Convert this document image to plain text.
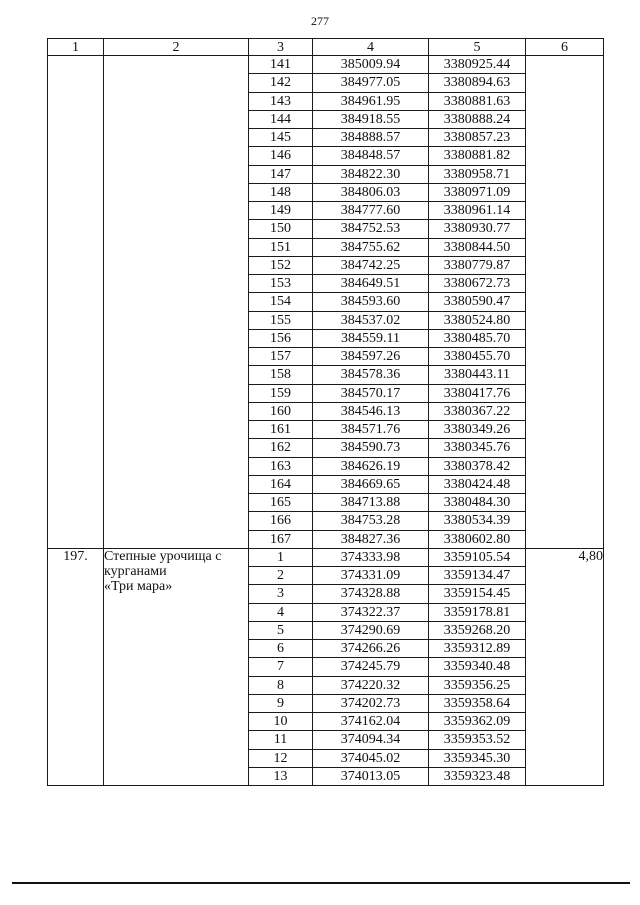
277
1	2	3	4	5	6
		141	385009.94	3380925.44	
		142	384977.05	3380894.63	
		143	384961.95	3380881.63	
		144	384918.55	3380888.24	
		145	384888.57	3380857.23	
		146	384848.57	3380881.82	
		147	384822.30	3380958.71	
		148	384806.03	3380971.09	
		149	384777.60	3380961.14	
		150	384752.53	3380930.77	
		151	384755.62	3380844.50	
		152	384742.25	3380779.87	
		153	384649.51	3380672.73	
		154	384593.60	3380590.47	
		155	384537.02	3380524.80	
		156	384559.11	3380485.70	
		157	384597.26	3380455.70	
		158	384578.36	3380443.11	
		159	384570.17	3380417.76	
		160	384546.13	3380367.22	
		161	384571.76	3380349.26	
		162	384590.73	3380345.76	
		163	384626.19	3380378.42	
		164	384669.65	3380424.48	
		165	384713.88	3380484.30	
		166	384753.28	3380534.39	
		167	384827.36	3380602.80	
197.	Степные урочища с
курганами
«Три мара»	1	374333.98	3359105.54	4,80
		2	374331.09	3359134.47	
		3	374328.88	3359154.45	
		4	374322.37	3359178.81	
		5	374290.69	3359268.20	
		6	374266.26	3359312.89	
		7	374245.79	3359340.48	
		8	374220.32	3359356.25	
		9	374202.73	3359358.64	
		10	374162.04	3359362.09	
		11	374094.34	3359353.52	
		12	374045.02	3359345.30	
		13	374013.05	3359323.48	
